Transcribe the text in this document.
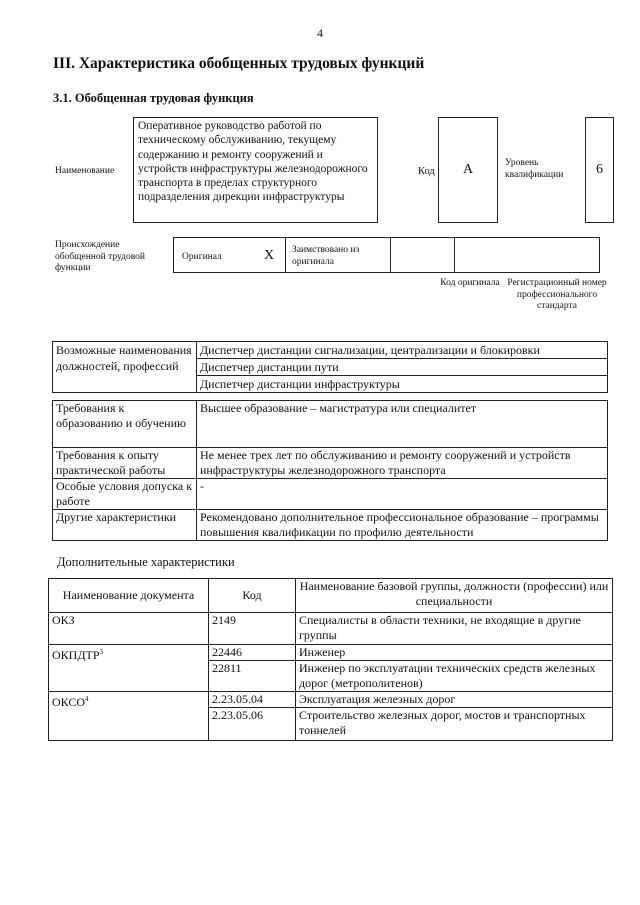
4
III. Характеристика обобщенных трудовых функций
3.1. Обобщенная трудовая функция
Наименование
Оперативное руководство работой по техническому обслуживанию, текущему содержанию и ремонту сооружений и устройств инфраструктуры железнодорожного транспорта в пределах структурного подразделения дирекции инфраструктуры
Код	A	Уровень квалификации	6
Происхождение обобщенной трудовой функции
Оригинал	X Заимствовано из оригинала
Код оригинала Регистрационный номер профессионального стандарта
Возможные наименования должностей, профессий	
Диспетчер дистанции сигнализации, централизации и блокировки
Диспетчер дистанции пути
Диспетчер дистанции инфраструктуры
Требования к образованию и обучению	Высшее образование – магистратура или специалитет
Требования к опыту практической работы	Не менее трех лет по обслуживанию и ремонту сооружений и устройств инфраструктуры железнодорожного транспорта
Особые условия допуска к работе	-
Другие характеристики	Рекомендовано дополнительное профессиональное образование – программы повышения квалификации по профилю деятельности
Дополнительные характеристики
Наименование документа	Код	Наименование базовой группы, должности (профессии) или специальности
ОКЗ	2149	Специалисты в области техники, не входящие в другие группы
ОКПДТР$^3$	22446	Инженер
	22811	Инженер по эксплуатации технических средств железных дорог (метрополитенов)
ОКСО$^4$	2.23.05.04	Эксплуатация железных дорог
	2.23.05.06	Строительство железных дорог, мостов и транспортных тоннелей
